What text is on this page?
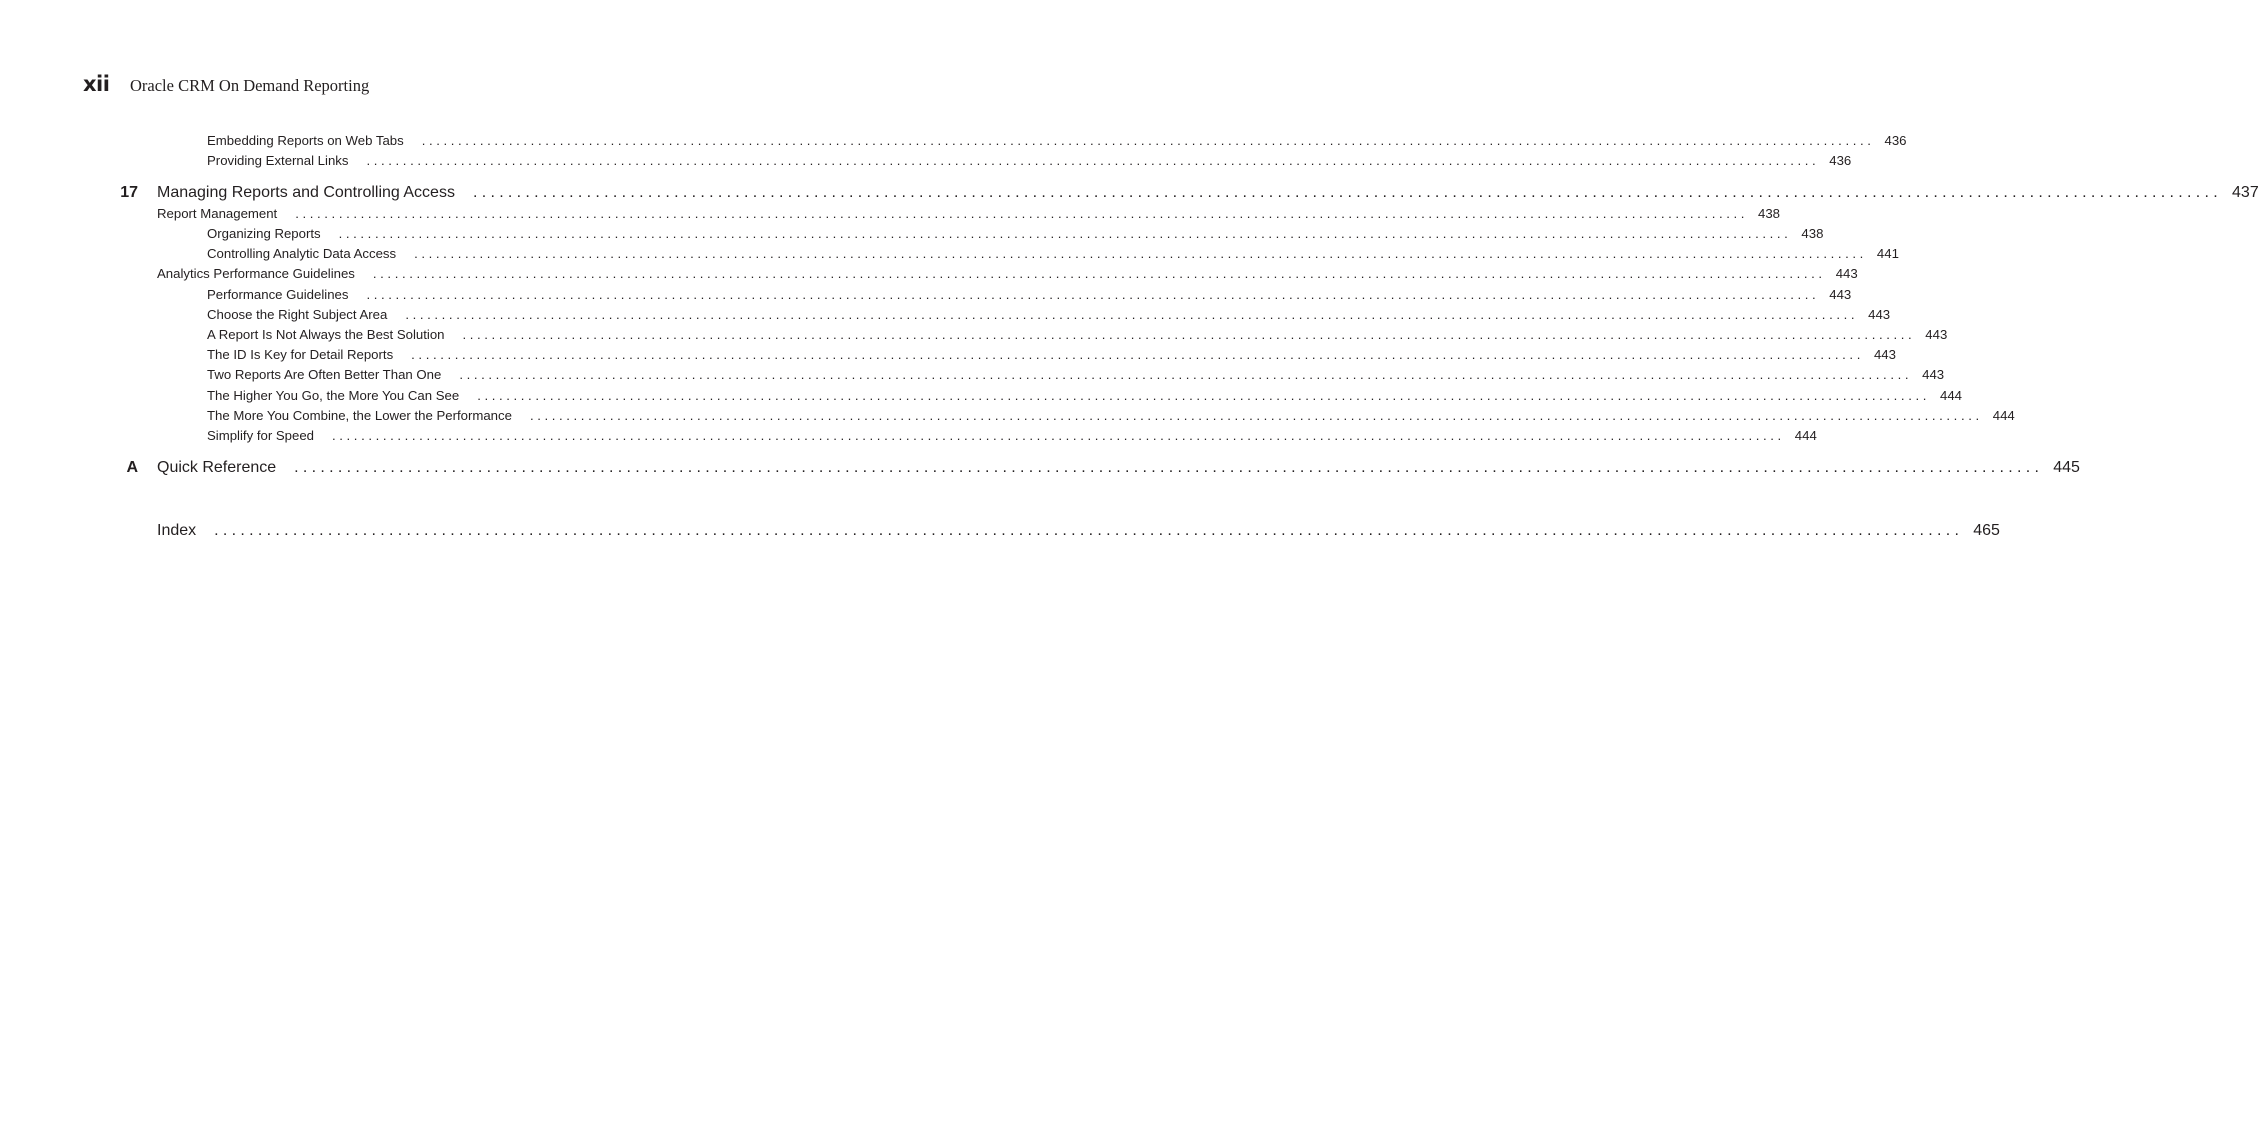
xii	Oracle CRM On Demand Reporting
Embedding Reports on Web Tabs ........................................................................................................................................................................................................ 436
Providing External Links ........................................................................................................................................................................................................ 436
17 Managing Reports and Controlling Access ........................................................................................................................................................................................................ 437
Report Management ........................................................................................................................................................................................................ 438
Organizing Reports ........................................................................................................................................................................................................ 438
Controlling Analytic Data Access ........................................................................................................................................................................................................ 441
Analytics Performance Guidelines ........................................................................................................................................................................................................ 443
Performance Guidelines ........................................................................................................................................................................................................ 443
Choose the Right Subject Area ........................................................................................................................................................................................................ 443
A Report Is Not Always the Best Solution ........................................................................................................................................................................................................ 443
The ID Is Key for Detail Reports ........................................................................................................................................................................................................ 443
Two Reports Are Often Better Than One ........................................................................................................................................................................................................ 443
The Higher You Go, the More You Can See ........................................................................................................................................................................................................ 444
The More You Combine, the Lower the Performance ........................................................................................................................................................................................................ 444
Simplify for Speed ........................................................................................................................................................................................................ 444
A Quick Reference ........................................................................................................................................................................................................ 445
Index ........................................................................................................................................................................................................ 465
